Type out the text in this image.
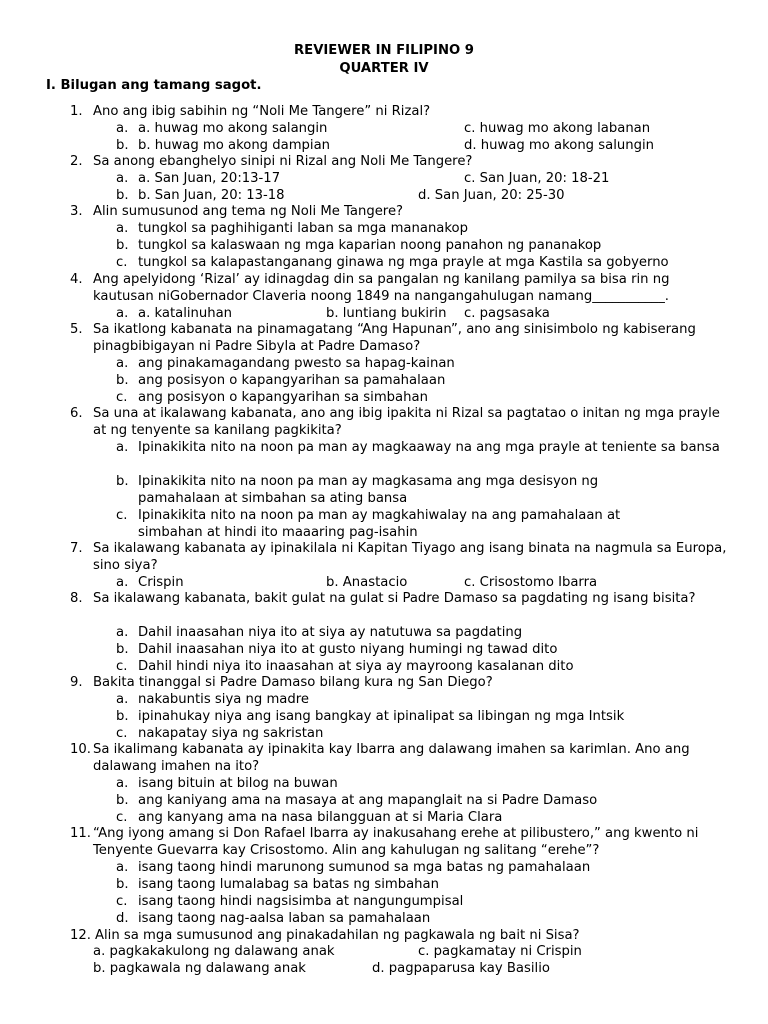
REVIEWER IN FILIPINO 9
QUARTER IV
I. Bilugan ang tamang sagot.
1. Ano ang ibig sabihin ng “Noli Me Tangere” ni Rizal?
a. a. huwag mo akong salangin	c. huwag mo akong labanan
b. b. huwag mo akong dampian	d. huwag mo akong salungin
2. Sa anong ebanghelyo sinipi ni Rizal ang Noli Me Tangere?
a. a. San Juan, 20:13-17	c. San Juan, 20: 18-21
b. b. San Juan, 20: 13-18	d. San Juan, 20: 25-30
3. Alin sumusunod ang tema ng Noli Me Tangere?
a. tungkol sa paghihiganti laban sa mga mananakop
b. tungkol sa kalaswaan ng mga kaparian noong panahon ng pananakop
c. tungkol sa kalapastanganang ginawa ng mga prayle at mga Kastila sa gobyerno
4. Ang apelyidong ‘Rizal’ ay idinagdag din sa pangalan ng kanilang pamilya sa bisa rin ng kautusan niGobernador Claveria noong 1849 na nangangahulugan namang___________.
a. a. katalinuhan	b. luntiang bukirin c. pagsasaka
5. Sa ikatlong kabanata na pinamagatang “Ang Hapunan”, ano ang sinisimbolo ng kabiserang pinagbibigayan ni Padre Sibyla at Padre Damaso?
a. ang pinakamagandang pwesto sa hapag-kainan
b. ang posisyon o kapangyarihan sa pamahalaan
c. ang posisyon o kapangyarihan sa simbahan
6. Sa una at ikalawang kabanata, ano ang ibig ipakita ni Rizal sa pagtatao o initan ng mga prayle at ng tenyente sa kanilang pagkikita?
a. Ipinakikita nito na noon pa man ay magkaaway na ang mga prayle at teniente sa bansa
b. Ipinakikita nito na noon pa man ay magkasama ang mga desisyon ng pamahalaan at simbahan sa ating bansa
c. Ipinakikita nito na noon pa man ay magkahiwalay na ang pamahalaan at simbahan at hindi ito maaaring pag-isahin
7. Sa ikalawang kabanata ay ipinakilala ni Kapitan Tiyago ang isang binata na nagmula sa Europa, sino siya?
a. Crispin	b. Anastacio	c. Crisostomo Ibarra
8. Sa ikalawang kabanata, bakit gulat na gulat si Padre Damaso sa pagdating ng isang bisita?
a. Dahil inaasahan niya ito at siya ay natutuwa sa pagdating
b. Dahil inaasahan niya ito at gusto niyang humingi ng tawad dito
c. Dahil hindi niya ito inaasahan at siya ay mayroong kasalanan dito
9. Bakita tinanggal si Padre Damaso bilang kura ng San Diego?
a. nakabuntis siya ng madre
b. ipinahukay niya ang isang bangkay at ipinalipat sa libingan ng mga Intsik
c. nakapatay siya ng sakristan
10. Sa ikalimang kabanata ay ipinakita kay Ibarra ang dalawang imahen sa karimlan. Ano ang dalawang imahen na ito?
a. isang bituin at bilog na buwan
b. ang kaniyang ama na masaya at ang mapanglait na si Padre Damaso
c. ang kanyang ama na nasa bilangguan at si Maria Clara
11. “Ang iyong amang si Don Rafael Ibarra ay inakusahang erehe at pilibustero,” ang kwento ni Tenyente Guevarra kay Crisostomo. Alin ang kahulugan ng salitang “erehe”?
a. isang taong hindi marunong sumunod sa mga batas ng pamahalaan
b. isang taong lumalabag sa batas ng simbahan
c. isang taong hindi nagsisimba at nangungumpisal
d. isang taong nag-aalsa laban sa pamahalaan
12. Alin sa mga sumusunod ang pinakadahilan ng pagkawala ng bait ni Sisa?
a. pagkakakulong ng dalawang anak	c. pagkamatay ni Crispin
b. pagkawala ng dalawang anak	d. pagpaparusa kay Basilio
